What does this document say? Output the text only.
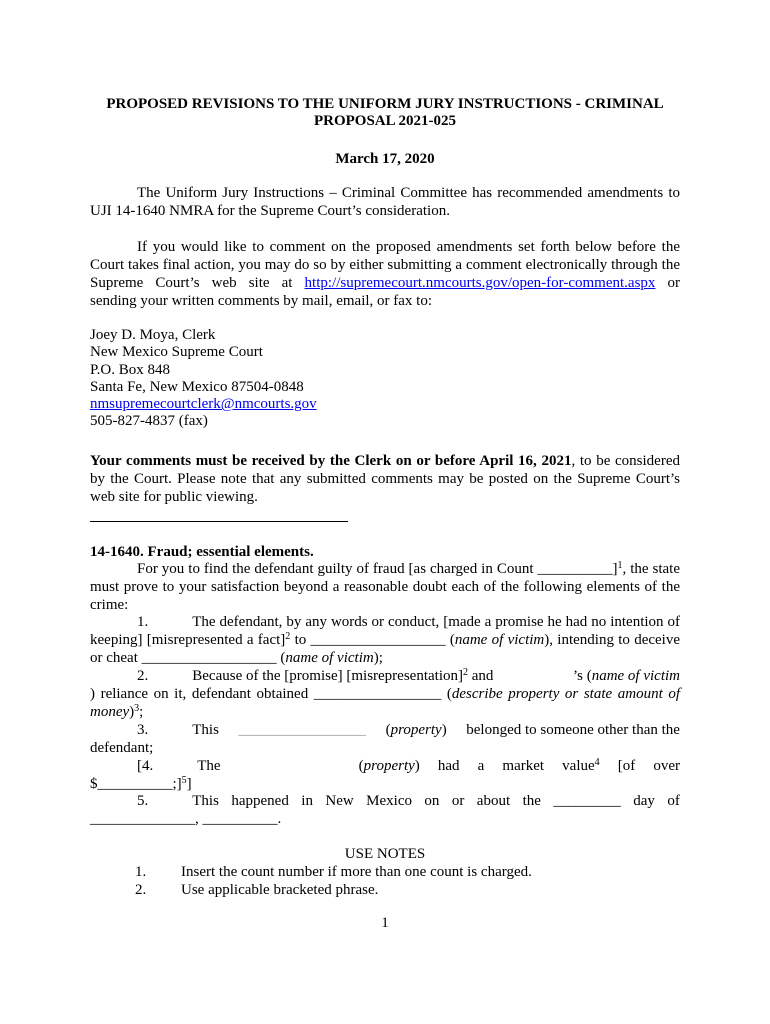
PROPOSED REVISIONS TO THE UNIFORM JURY INSTRUCTIONS - CRIMINAL
PROPOSAL 2021-025
March 17, 2020
The Uniform Jury Instructions – Criminal Committee has recommended amendments to UJI 14-1640 NMRA for the Supreme Court’s consideration.
If you would like to comment on the proposed amendments set forth below before the Court takes final action, you may do so by either submitting a comment electronically through the Supreme Court’s web site at http://supremecourt.nmcourts.gov/open-for-comment.aspx or sending your written comments by mail, email, or fax to:
Joey D. Moya, Clerk
New Mexico Supreme Court
P.O. Box 848
Santa Fe, New Mexico 87504-0848
nmsupremecourtclerk@nmcourts.gov
505-827-4837 (fax)
Your comments must be received by the Clerk on or before April 16, 2021, to be considered by the Court. Please note that any submitted comments may be posted on the Supreme Court’s web site for public viewing.
14-1640. Fraud; essential elements.
For you to find the defendant guilty of fraud [as charged in Count __________]$^1$, the state must prove to your satisfaction beyond a reasonable doubt each of the following elements of the crime:
1.	The defendant, by any words or conduct, [made a promise he had no intention of keeping] [misrepresented a fact]$^2$ to __________________ (name of victim), intending to deceive or cheat __________________ (name of victim);
2.	Because of the [promise] [misrepresentation]$^2$ and	’s (name of victim
) reliance on it, defendant obtained _________________ (describe property or state amount of money)$^3$;
3.	This _________________ (property) belonged to someone other than the
defendant;
[4.	The	(property) had a market value$^4$ [of over
$__________;]$^5$]
5.	This happened in New Mexico on or about the _________ day of
______________, __________.
USE NOTES
1. Insert the count number if more than one count is charged.
2. Use applicable bracketed phrase.
1
